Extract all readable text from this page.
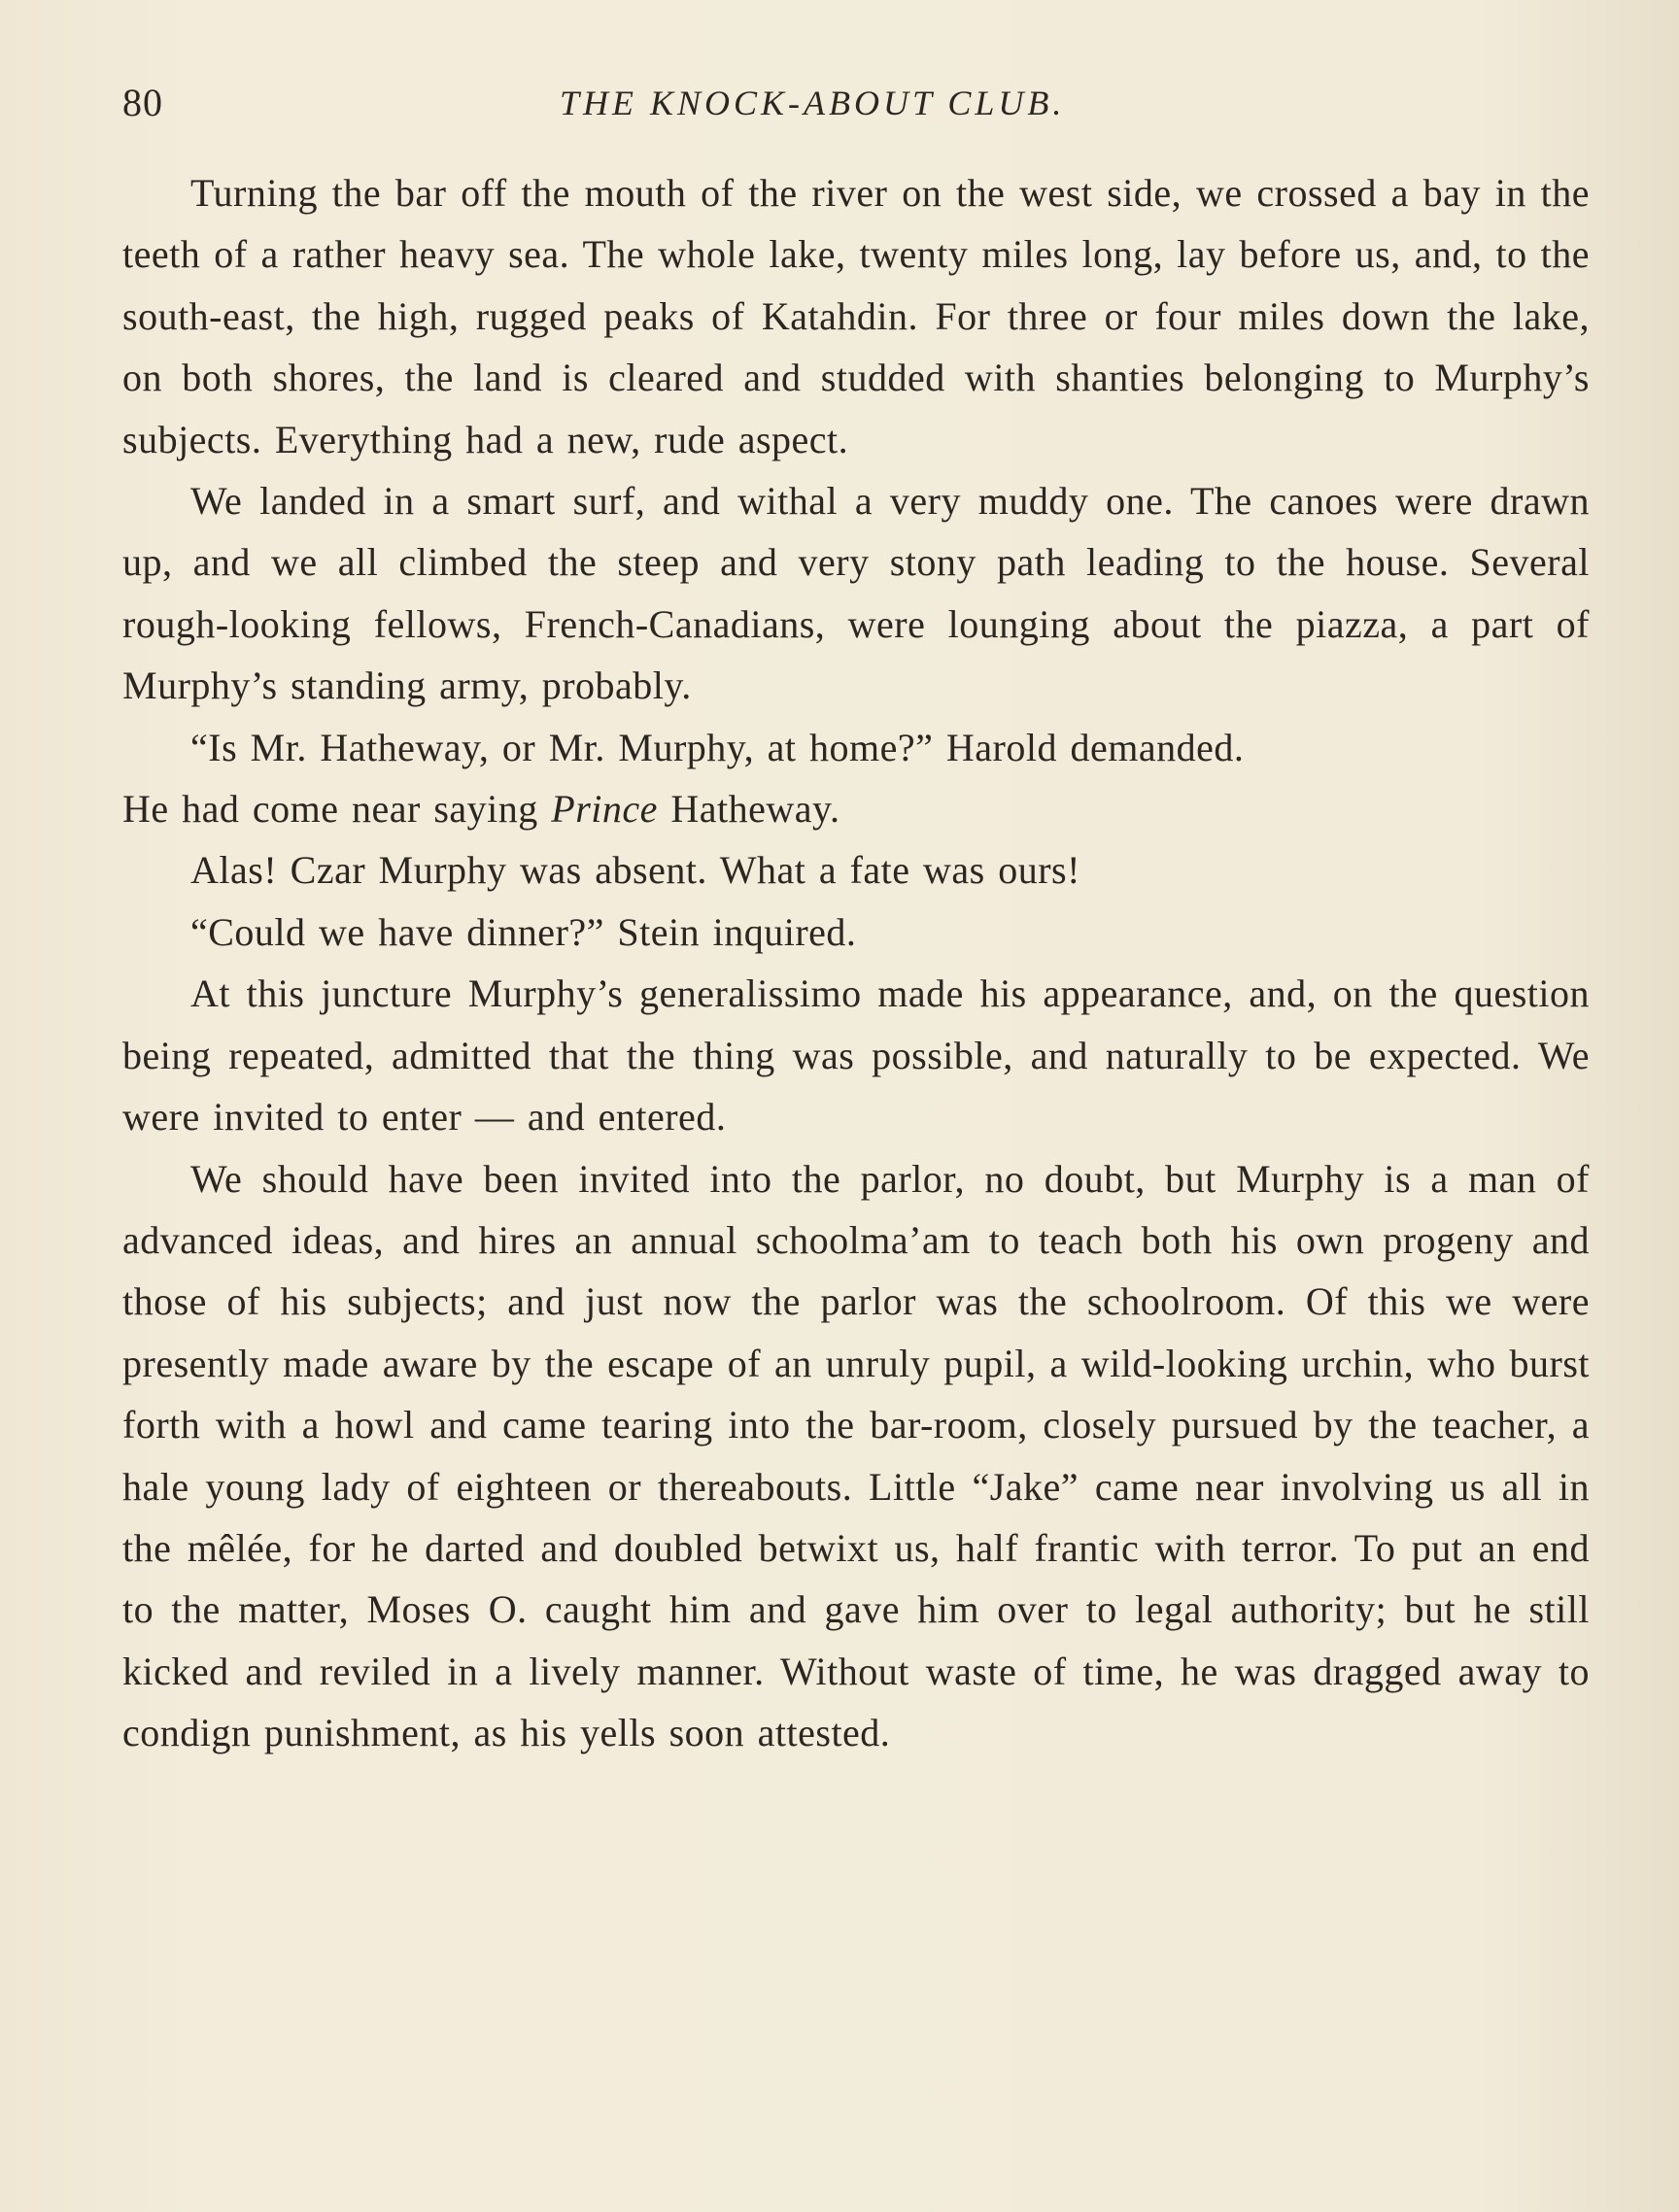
80	THE KNOCK-ABOUT CLUB.

Turning the bar off the mouth of the river on the west side, we crossed a bay in the teeth of a rather heavy sea. The whole lake, twenty miles long, lay before us, and, to the south-east, the high, rugged peaks of Katahdin. For three or four miles down the lake, on both shores, the land is cleared and studded with shanties belonging to Murphy’s subjects. Everything had a new, rude aspect.

We landed in a smart surf, and withal a very muddy one. The canoes were drawn up, and we all climbed the steep and very stony path leading to the house. Several rough-looking fellows, French-Canadians, were lounging about the piazza, a part of Murphy’s standing army, probably.

“Is Mr. Hatheway, or Mr. Murphy, at home?” Harold demanded.

He had come near saying Prince Hatheway.

Alas! Czar Murphy was absent. What a fate was ours!

“Could we have dinner?” Stein inquired.

At this juncture Murphy’s generalissimo made his appearance, and, on the question being repeated, admitted that the thing was possible, and naturally to be expected. We were invited to enter — and entered.

We should have been invited into the parlor, no doubt, but Murphy is a man of advanced ideas, and hires an annual schoolma’am to teach both his own progeny and those of his subjects; and just now the parlor was the schoolroom. Of this we were presently made aware by the escape of an unruly pupil, a wild-looking urchin, who burst forth with a howl and came tearing into the bar-room, closely pursued by the teacher, a hale young lady of eighteen or thereabouts. Little “Jake” came near involving us all in the mêlée, for he darted and doubled betwixt us, half frantic with terror. To put an end to the matter, Moses O. caught him and gave him over to legal authority; but he still kicked and reviled in a lively manner. Without waste of time, he was dragged away to condign punishment, as his yells soon attested.
